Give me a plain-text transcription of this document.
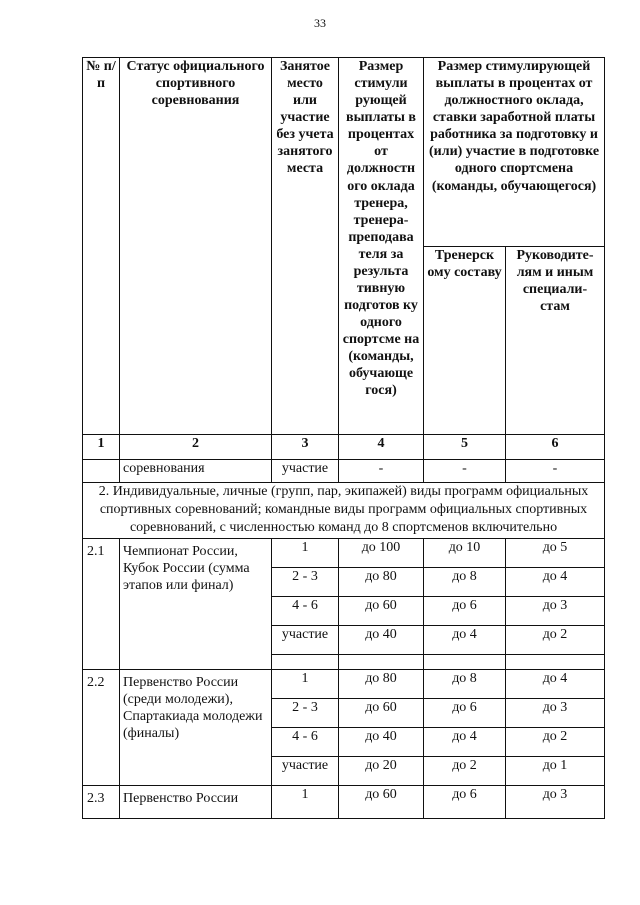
33
№ п/п	Статус официального спортивного соревнования	Занятое место или участие без учета занятого места	Размер стимули рующей выплаты в процентах от должностн ого оклада тренера, тренера-преподава теля за результа тивную подготов ку одного спортсме на (команды, обучающе гося)	Размер стимулирующей выплаты в процентах от должностного оклада, ставки заработной платы работника за подготовку и (или) участие в подготовке одного спортсмена (команды, обучающегося)	
				Тренерск ому составу	Руководите-лям и иным специали-стам
1	2	3	4	5	6
	соревнования	участие	-	-	-
2. Индивидуальные, личные (групп, пар, экипажей) виды программ официальных спортивных соревнований; командные виды программ официальных спортивных соревнований, с численностью команд до 8 спортсменов включительно					
2.1	Чемпионат России, Кубок России (сумма этапов или финал)	1	до 100	до 10	до 5
		2 - 3	до 80	до 8	до 4
		4 - 6	до 60	до 6	до 3
		участие	до 40	до 4	до 2

2.2	Первенство России (среди молодежи), Спартакиада молодежи (финалы)	1	до 80	до 8	до 4
		2 - 3	до 60	до 6	до 3
		4 - 6	до 40	до 4	до 2
		участие	до 20	до 2	до 1
2.3	Первенство России	1	до 60	до 6	до 3
